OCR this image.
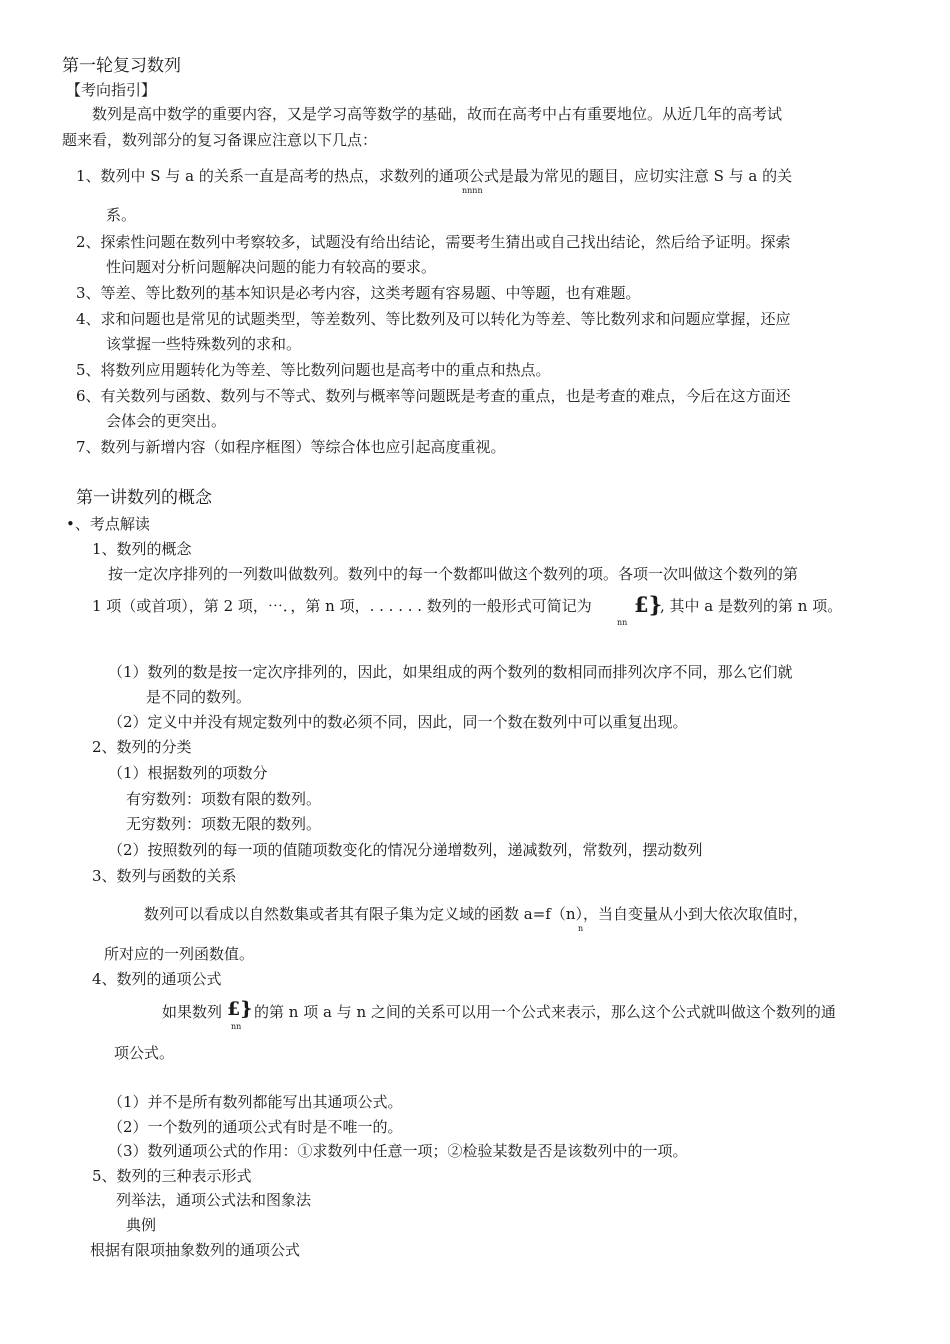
第一轮复习数列
【考向指引】
数列是高中数学的重要内容，又是学习高等数学的基础，故而在高考中占有重要地位。从近几年的高考试
题来看，数列部分的复习备课应注意以下几点：
1、数列中 S 与 a 的关系一直是高考的热点，求数列的通项公式是最为常见的题目，应切实注意 S 与 a 的关
nnnn
系。
2、探索性问题在数列中考察较多，试题没有给出结论，需要考生猜出或自己找出结论，然后给予证明。探索
性问题对分析问题解决问题的能力有较高的要求。
3、等差、等比数列的基本知识是必考内容，这类考题有容易题、中等题，也有难题。
4、求和问题也是常见的试题类型，等差数列、等比数列及可以转化为等差、等比数列求和问题应掌握，还应
该掌握一些特殊数列的求和。
5、将数列应用题转化为等差、等比数列问题也是高考中的重点和热点。
6、有关数列与函数、数列与不等式、数列与概率等问题既是考查的重点，也是考查的难点，今后在这方面还
会体会的更突出。
7、数列与新增内容（如程序框图）等综合体也应引起高度重视。
第一讲数列的概念
•、考点解读
1、数列的概念
按一定次序排列的一列数叫做数列。数列中的每一个数都叫做这个数列的项。各项一次叫做这个数列的第
1 项（或首项），第 2 项，⋯．，第 n 项，. . . . . . 数列的一般形式可简记为 £}
, 其中 a 是数列的第 n 项。
nn
（1）数列的数是按一定次序排列的，因此，如果组成的两个数列的数相同而排列次序不同，那么它们就
是不同的数列。
（2）定义中并没有规定数列中的数必须不同，因此，同一个数在数列中可以重复出现。
2、数列的分类
（1）根据数列的项数分
有穷数列：项数有限的数列。
无穷数列：项数无限的数列。
（2）按照数列的每一项的值随项数变化的情况分递增数列，递减数列，常数列，摆动数列
3、数列与函数的关系
数列可以看成以自然数集或者其有限子集为定义域的函数 a=f（n），当自变量从小到大依次取值时，
n
所对应的一列函数值。
4、数列的通项公式
如果数列 £} 的第 n 项 a 与 n 之间的关系可以用一个公式来表示，那么这个公式就叫做这个数列的通
nn
项公式。
（1）并不是所有数列都能写出其通项公式。
（2）一个数列的通项公式有时是不唯一的。
（3）数列通项公式的作用：①求数列中任意一项；②检验某数是否是该数列中的一项。
5、数列的三种表示形式
列举法，通项公式法和图象法
典例
根据有限项抽象数列的通项公式
